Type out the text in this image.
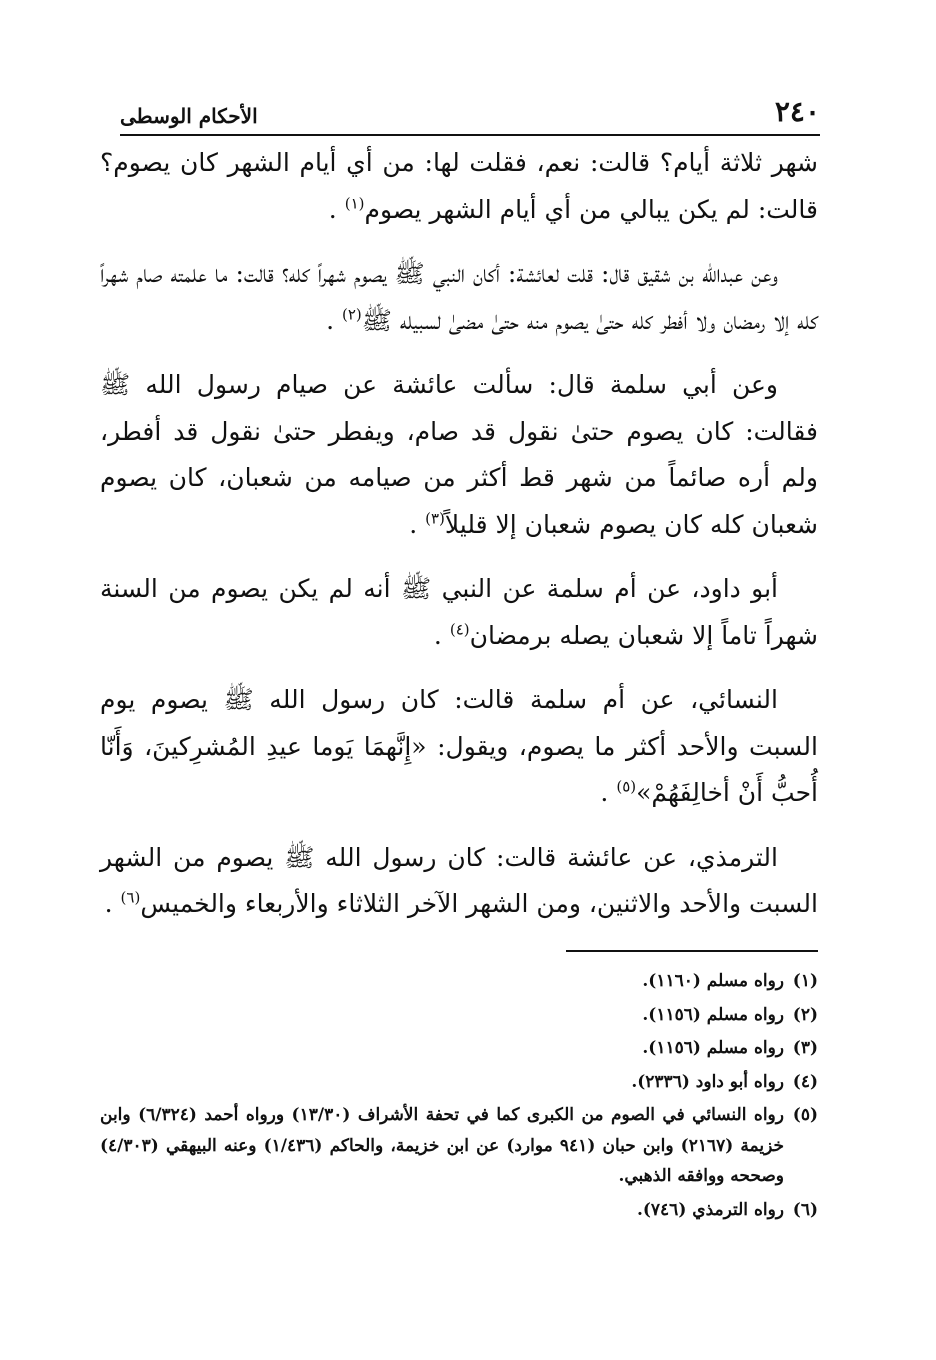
٢٤٠
الأحكام الوسطى

شهر ثلاثة أيام؟ قالت: نعم، فقلت لها: من أي أيام الشهر كان يصوم؟ قالت: لم يكن يبالي من أي أيام الشهر يصوم$^{(١)}$ .

وعن عبدالله بن شقيق قال: قلت لعائشة: أكان النبي ﷺ يصوم شهراً كله؟ قالت: ما علمته صام شهراً كله إلا رمضان ولا أفطر كله حتىٰ يصوم منه حتىٰ مضىٰ لسبيله ﷺ$^{(٢)}$ .

وعن أبي سلمة قال: سألت عائشة عن صيام رسول الله ﷺ فقالت: كان يصوم حتىٰ نقول قد صام، ويفطر حتىٰ نقول قد أفطر، ولم أره صائماً من شهر قط أكثر من صيامه من شعبان، كان يصوم شعبان كله كان يصوم شعبان إلا قليلاً$^{(٣)}$ .

أبو داود، عن أم سلمة عن النبي ﷺ أنه لم يكن يصوم من السنة شهراً تاماً إلا شعبان يصله برمضان$^{(٤)}$ .

النسائي، عن أم سلمة قالت: كان رسول الله ﷺ يصوم يوم السبت والأحد أكثر ما يصوم، ويقول: «إِنَّهمَا يَوما عيدِ المُشرِكينَ، وَأَنّا أُحبُّ أَنْ أخالِفَهُمْ»$^{(٥)}$ .

الترمذي، عن عائشة قالت: كان رسول الله ﷺ يصوم من الشهر السبت والأحد والاثنين، ومن الشهر الآخر الثلاثاء والأربعاء والخميس$^{(٦)}$ .

(١)
رواه مسلم (١١٦٠).
(٢)
رواه مسلم (١١٥٦).
(٣)
رواه مسلم (١١٥٦).
(٤)
رواه أبو داود (٢٣٣٦).
(٥)
رواه النسائي في الصوم من الكبرى كما في تحفة الأشراف (١٣/٣٠) ورواه أحمد (٦/٣٢٤) وابن خزيمة (٢١٦٧) وابن حبان (٩٤١ موارد) عن ابن خزيمة، والحاكم (١/٤٣٦) وعنه البيهقي (٤/٣٠٣) وصححه ووافقه الذهبي.
(٦)
رواه الترمذي (٧٤٦).
